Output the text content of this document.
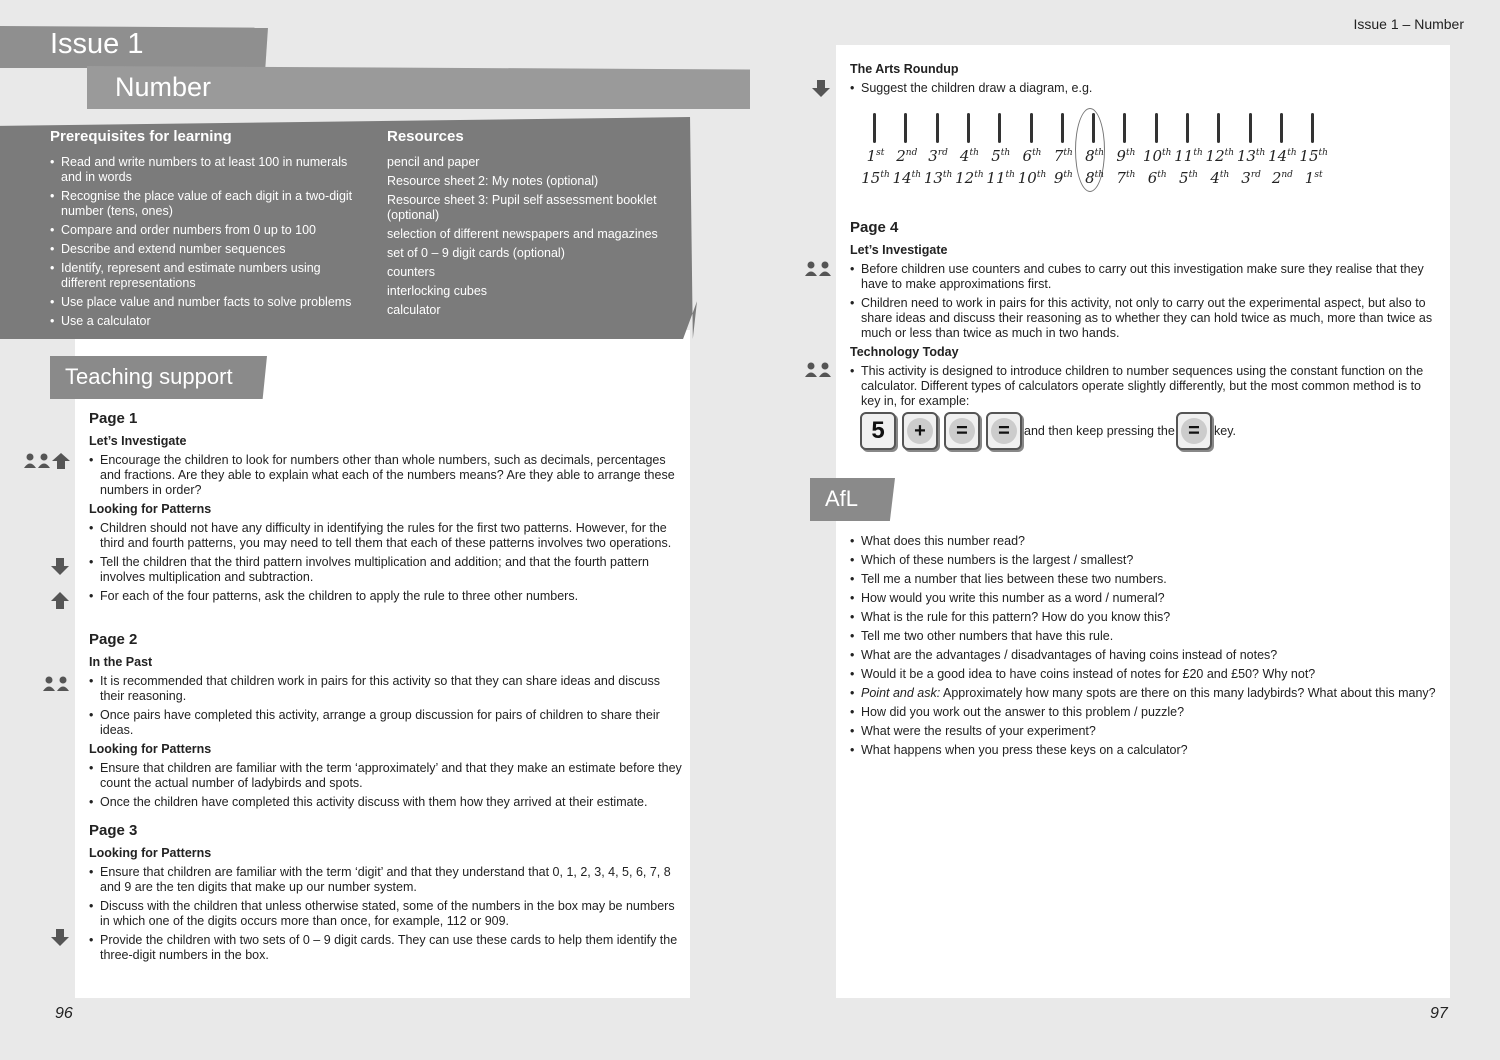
Issue 1
Number
Prerequisites for learning
• Read and write numbers to at least 100 in numerals and in words
• Recognise the place value of each digit in a two-digit number (tens, ones)
• Compare and order numbers from 0 up to 100
• Describe and extend number sequences
• Identify, represent and estimate numbers using different representations
• Use place value and number facts to solve problems
• Use a calculator
Resources
pencil and paper
Resource sheet 2: My notes (optional)
Resource sheet 3: Pupil self assessment booklet (optional)
selection of different newspapers and magazines
set of 0 – 9 digit cards (optional)
counters
interlocking cubes
calculator
Teaching support
Page 1
Let’s Investigate
• Encourage the children to look for numbers other than whole numbers, such as decimals, percentages and fractions. Are they able to explain what each of the numbers means? Are they able to arrange these numbers in order?
Looking for Patterns
• Children should not have any difficulty in identifying the rules for the first two patterns. However, for the third and fourth patterns, you may need to tell them that each of these patterns involves two operations.
• Tell the children that the third pattern involves multiplication and addition; and that the fourth pattern involves multiplication and subtraction.
• For each of the four patterns, ask the children to apply the rule to three other numbers.
Page 2
In the Past
• It is recommended that children work in pairs for this activity so that they can share ideas and discuss their reasoning.
• Once pairs have completed this activity, arrange a group discussion for pairs of children to share their ideas.
Looking for Patterns
• Ensure that children are familiar with the term ‘approximately’ and that they make an estimate before they count the actual number of ladybirds and spots.
• Once the children have completed this activity discuss with them how they arrived at their estimate.
Page 3
Looking for Patterns
• Ensure that children are familiar with the term ‘digit’ and that they understand that 0, 1, 2, 3, 4, 5, 6, 7, 8 and 9 are the ten digits that make up our number system.
• Discuss with the children that unless otherwise stated, some of the numbers in the box may be numbers in which one of the digits occurs more than once, for example, 112 or 909.
• Provide the children with two sets of 0 – 9 digit cards. They can use these cards to help them identify the three-digit numbers in the box.
96
Issue 1 – Number
The Arts Roundup
• Suggest the children draw a diagram, e.g.
1st
15th
2nd
14th
3rd
13th
4th
12th
5th
11th
6th
10th
7th
9th
8th
8th
9th
7th
10th
6th
11th
5th
12th
4th
13th
3rd
14th
2nd
15th
1st
Page 4
Let’s Investigate
• Before children use counters and cubes to carry out this investigation make sure they realise that they have to make approximations first.
• Children need to work in pairs for this activity, not only to carry out the experimental aspect, but also to share ideas and discuss their reasoning as to whether they can hold twice as much, more than twice as much or less than twice as much in two hands.
Technology Today
• This activity is designed to introduce children to number sequences using the constant function on the calculator. Different types of calculators operate slightly differently, but the most common method is to key in, for example:
5	+	=	=	and then keep pressing the =	key.
AfL
• What does this number read?
• Which of these numbers is the largest / smallest?
• Tell me a number that lies between these two numbers.
• How would you write this number as a word / numeral?
• What is the rule for this pattern? How do you know this?
• Tell me two other numbers that have this rule.
• What are the advantages / disadvantages of having coins instead of notes?
• Would it be a good idea to have coins instead of notes for £20 and £50? Why not?
• Point and ask: Approximately how many spots are there on this many ladybirds? What about this many?
• How did you work out the answer to this problem / puzzle?
• What were the results of your experiment?
• What happens when you press these keys on a calculator?
97
